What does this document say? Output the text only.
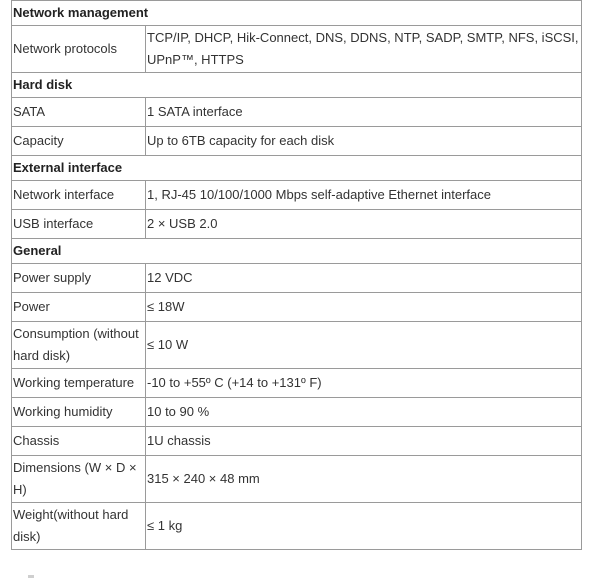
Network management	
Network protocols	TCP/IP, DHCP, Hik-Connect, DNS, DDNS, NTP, SADP, SMTP, NFS, iSCSI, UPnP™, HTTPS
Hard disk	
SATA	1 SATA interface
Capacity	Up to 6TB capacity for each disk
External interface	
Network interface	1, RJ-45 10/100/1000 Mbps self-adaptive Ethernet interface
USB interface	2 × USB 2.0
General	
Power supply	12 VDC
Power	≤ 18W
Consumption (without hard disk)	≤ 10 W
Working temperature	-10 to +55º C (+14 to +131º F)
Working humidity	10 to 90 %
Chassis	1U chassis
Dimensions (W × D × H)	315 × 240 × 48 mm
Weight(without hard disk)	≤ 1 kg
